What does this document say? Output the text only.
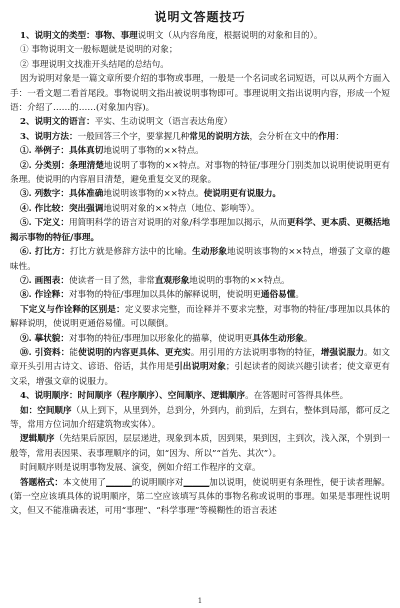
说明文答题技巧

1、说明文的类型：事物、事理说明文（从内容角度，根据说明的对象和目的）。

① 事物说明文一般标题就是说明的对象；

② 事理说明文找准开头结尾的总结句。

因为说明对象是一篇文章所要介绍的事物或事理，一般是一个名词或名词短语，可以从两个方面入手：一看文题二看首尾段。事物说明文指出被说明事物即可。事理说明文指出说明内容，形成一个短语：介绍了……的……(对象加内容)。

2、说明文的语言：平实、生动说明文（语言表达角度）

3、说明方法：一般回答三个字，要掌握几种常见的说明方法，会分析在文中的作用：

①. 举例子：具体真切地说明了事物的××特点。

②. 分类别：条理清楚地说明了事物的××特点。对事物的特征/事理分门别类加以说明使说明更有条理。使说明的内容眉目清楚，避免重复交叉的现象。

③. 列数字：具体准确地说明该事物的××特点。使说明更有说服力。

④. 作比较：突出强调地说明对象的××特点（地位、影响等）。

⑤. 下定义：用简明科学的语言对说明的对象/科学事理加以揭示，从而更科学、更本质、更概括地揭示事物的特征/事理。

⑥. 打比方：打比方就是修辞方法中的比喻。生动形象地说明该事物的××特点，增强了文章的趣味性。

⑦. 画图表：使读者一目了然，非常直观形象地说明的事物的××特点。

⑧. 作诠释：对事物的特征/事理加以具体的解释说明，使说明更通俗易懂。

下定义与作诠释的区别是：定义要求完整，而诠释并不要求完整，对事物的特征/事理加以具体的解释说明，使说明更通俗易懂。可以颠倒。

⑨. 摹状貌：对事物的特征/事理加以形象化的描摹，使说明更具体生动形象。

⑩. 引资料：能使说明的内容更具体、更充实。用引用的方法说明事物的特征，增强说服力。如文章开头引用古诗文、谚语、俗话，其作用是引出说明对象；引起读者的阅读兴趣引读者；使文章更有文采，增强文章的说服力。

4、说明顺序：时间顺序（程序顺序）、空间顺序、逻辑顺序。在答题时可答得具体些。

如：空间顺序（从上到下，从里到外，总到分，外到内，前到后，左到右，整体到局部，都可反之等，常用方位词加介绍建筑物或实体）。

逻辑顺序（先结果后原因，层层递进，现象到本质，因到果，果到因，主到次，浅入深，个别到一般等，常用表因果、表事理顺序的词，如“因为、所以”“首先、其次”）。

时间顺序则是说明事物发展、演变，例如介绍工作程序的文章。

答题格式：本文使用了＿＿＿的说明顺序对＿＿＿加以说明，使说明更有条理性，便于读者理解。(第一空应该填具体的说明顺序，第二空应该填写具体的事物名称或说明的事理。如果是事理性说明文，但又不能准确表述，可用“事理”、“科学事理”等模糊性的语言表述

1
